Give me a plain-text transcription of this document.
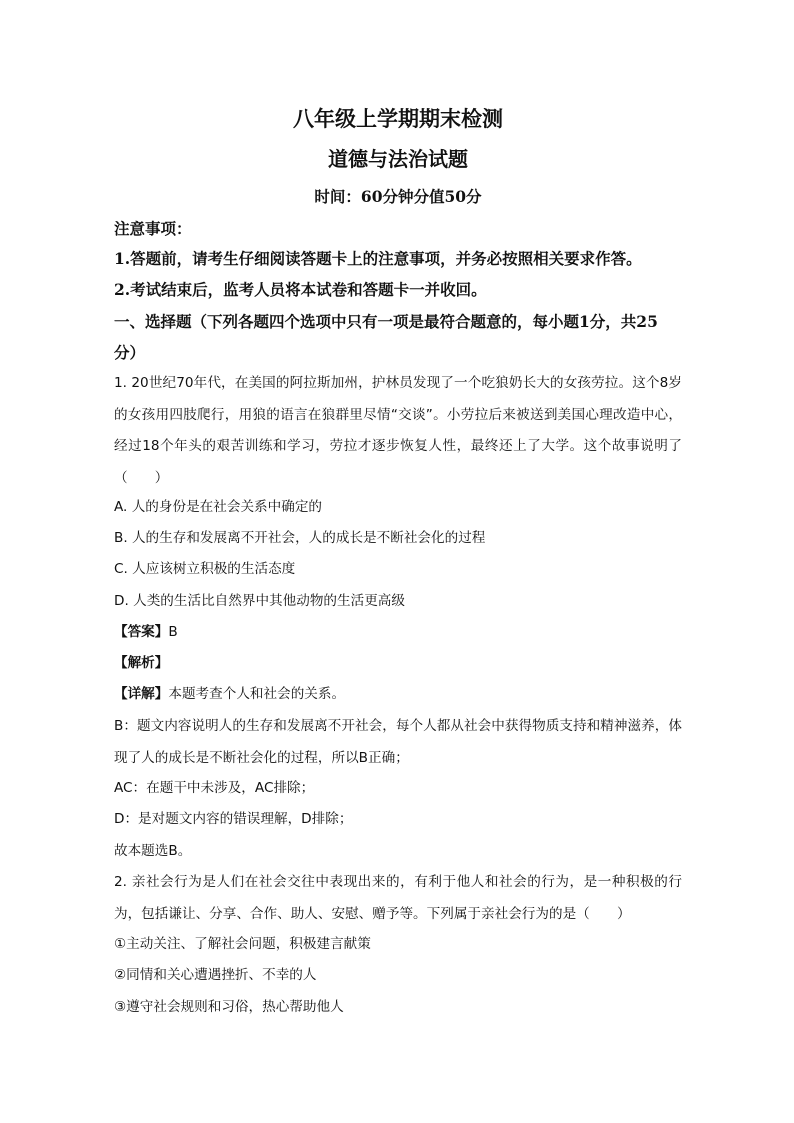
八年级上学期期末检测
道德与法治试题
时间：60分钟分值50分
注意事项：
1.答题前，请考生仔细阅读答题卡上的注意事项，并务必按照相关要求作答。
2.考试结束后，监考人员将本试卷和答题卡一并收回。
一、选择题（下列各题四个选项中只有一项是最符合题意的，每小题1分，共25
分）
1. 20世纪70年代，在美国的阿拉斯加州，护林员发现了一个吃狼奶长大的女孩劳拉。这个8岁的女孩用四肢爬行，用狼的语言在狼群里尽情“交谈”。小劳拉后来被送到美国心理改造中心，经过18个年头的艰苦训练和学习，劳拉才逐步恢复人性，最终还上了大学。这个故事说明了（　　）
A. 人的身份是在社会关系中确定的
B. 人的生存和发展离不开社会，人的成长是不断社会化的过程
C. 人应该树立积极的生活态度
D. 人类的生活比自然界中其他动物的生活更高级
【答案】B
【解析】
【详解】本题考查个人和社会的关系。
B：题文内容说明人的生存和发展离不开社会，每个人都从社会中获得物质支持和精神滋养，体现了人的成长是不断社会化的过程，所以B正确；
AC：在题干中未涉及，AC排除；
D：是对题文内容的错误理解，D排除；
故本题选B。
2. 亲社会行为是人们在社会交往中表现出来的，有利于他人和社会的行为，是一种积极的行为，包括谦让、分享、合作、助人、安慰、赠予等。下列属于亲社会行为的是（　　）
①主动关注、了解社会问题，积极建言献策
②同情和关心遭遇挫折、不幸的人
③遵守社会规则和习俗，热心帮助他人
